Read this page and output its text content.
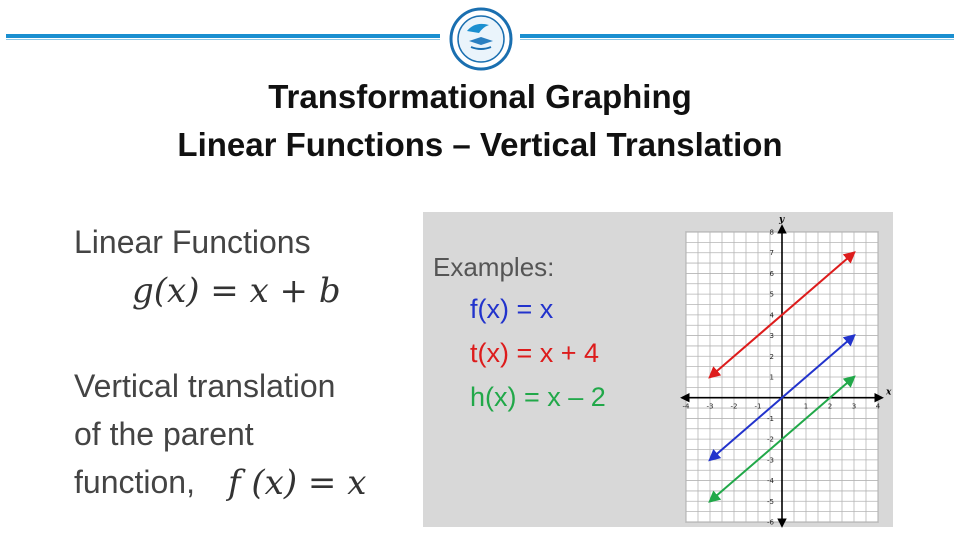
Transformational Graphing
Linear Functions – Vertical Translation
Linear Functions
g(x) = x + b
Vertical translation
of the parent
function, f (x) = x
Examples:
f(x) = x
t(x) = x + 4
h(x) = x – 2	-4 -3 -2 -1	1	2	3	4
8
7
6
5
4
3
2
1
-1
-2
-3
-4
-5
-6
x
y
